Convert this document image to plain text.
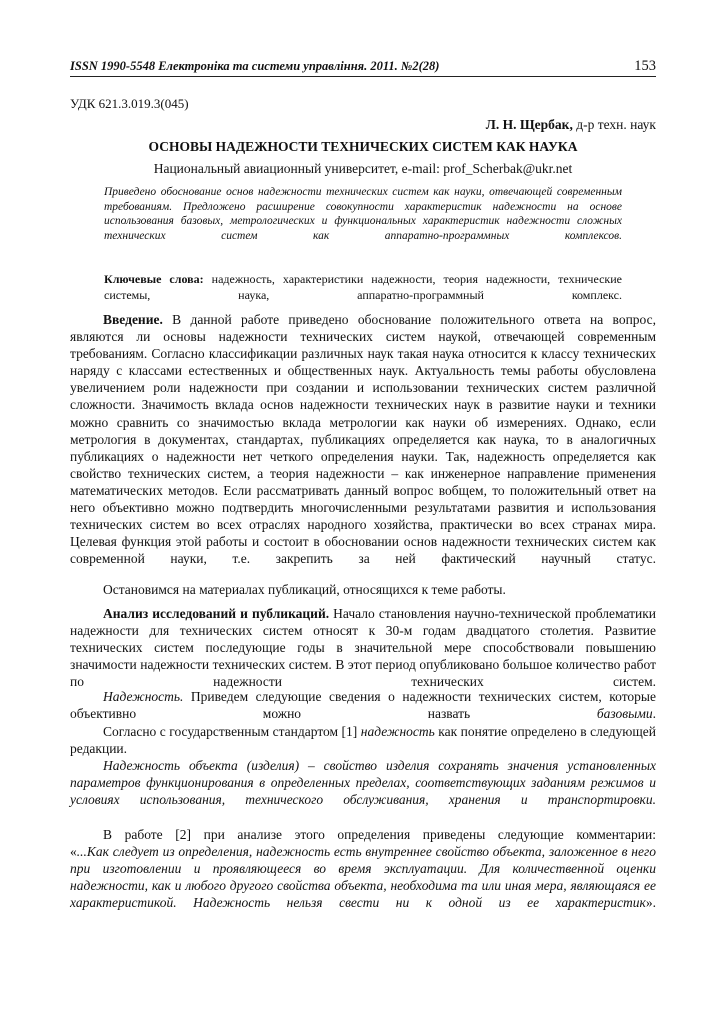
ISSN 1990-5548 Електроніка та системи управління. 2011. №2(28)	153
УДК 621.3.019.3(045)
Л. Н. Щербак, д-р техн. наук
ОСНОВЫ НАДЕЖНОСТИ ТЕХНИЧЕСКИХ СИСТЕМ КАК НАУКА
Национальный авиационный университет, e-mail: prof_Scherbak@ukr.net

Приведено обоснование основ надежности технических систем как науки, отвечающей современным требованиям. Предложено расширение совокупности характеристик надежности на основе использования базовых, метрологических и функциональных характеристик надежности сложных технических систем как аппаратно-программных комплексов.

Ключевые слова: надежность, характеристики надежности, теория надежности, технические системы, наука, аппаратно-программный комплекс.

Введение. В данной работе приведено обоснование положительного ответа на вопрос, являются ли основы надежности технических систем наукой, отвечающей современным требованиям. Согласно классификации различных наук такая наука относится к классу технических наряду с классами естественных и общественных наук. Актуальность темы работы обусловлена увеличением роли надежности при создании и использовании технических систем различной сложности. Значимость вклада основ надежности технических наук в развитие науки и техники можно сравнить со значимостью вклада метрологии как науки об измерениях. Однако, если метрология в документах, стандартах, публикациях определяется как наука, то в аналогичных публикациях о надежности нет четкого определения науки. Так, надежность определяется как свойство технических систем, а теория надежности – как инженерное направление применения математических методов. Если рассматривать данный вопрос вобщем, то положительный ответ на него объективно можно подтвердить многочисленными результатами развития и использования технических систем во всех отраслях народного хозяйства, практически во всех странах мира. Целевая функция этой работы и состоит в обосновании основ надежности технических систем как современной науки, т.е. закрепить за ней фактический научный статус.

Остановимся на материалах публикаций, относящихся к теме работы.

Анализ исследований и публикаций. Начало становления научно-технической проблематики надежности для технических систем относят к 30-м годам двадцатого столетия. Развитие технических систем последующие годы в значительной мере способствовали повышению значимости надежности технических систем. В этот период опубликовано большое количество работ по надежности технических систем.

Надежность. Приведем следующие сведения о надежности технических систем, которые объективно можно назвать базовыми.

Согласно с государственным стандартом [1] надежность как понятие определено в следующей редакции.

Надежность объекта (изделия) – свойство изделия сохранять значения установленных параметров функционирования в определенных пределах, соответствующих заданиям режимов и условиях использования, технического обслуживания, хранения и транспортировки.

В работе [2] при анализе этого определения приведены следующие комментарии:

«...Как следует из определения, надежность есть внутреннее свойство объекта, заложенное в него при изготовлении и проявляющееся во время эксплуатации. Для количественной оценки надежности, как и любого другого свойства объекта, необходима та или иная мера, являющаяся ее характеристикой. Надежность нельзя свести ни к одной из ее характеристик».
